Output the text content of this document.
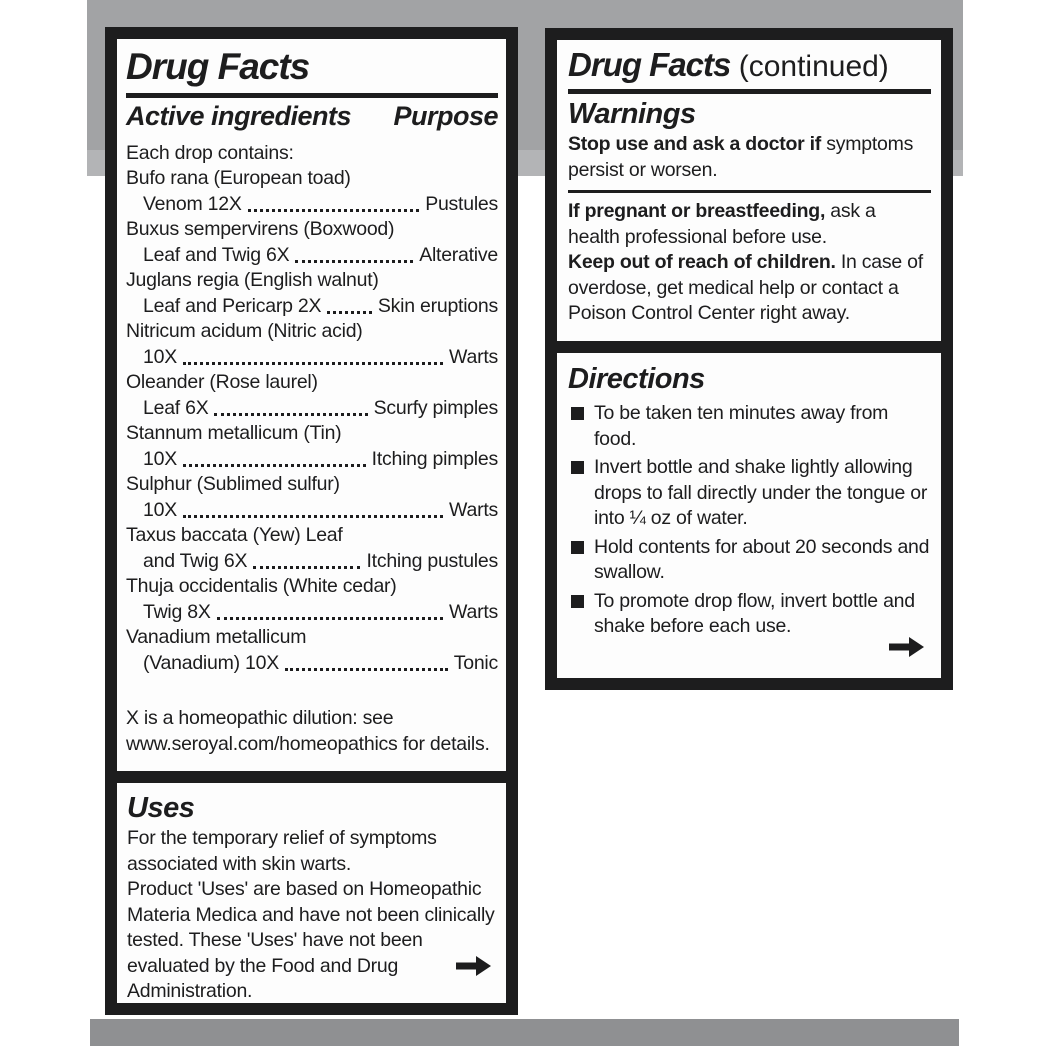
Drug Facts
Active ingredients Purpose
Each drop contains:
Bufo rana (European toad)
Venom 12X	Pustules
Buxus sempervirens (Boxwood)
Leaf and Twig 6X	Alterative
Juglans regia (English walnut)
Leaf and Pericarp 2X	Skin eruptions
Nitricum acidum (Nitric acid)
10X	Warts
Oleander (Rose laurel)
Leaf 6X	Scurfy pimples
Stannum metallicum (Tin)
10X	Itching pimples
Sulphur (Sublimed sulfur)
10X	Warts
Taxus baccata (Yew) Leaf
and Twig 6X	Itching pustules
Thuja occidentalis (White cedar)
Twig 8X	Warts
Vanadium metallicum
(Vanadium) 10X	Tonic
X is a homeopathic dilution: see www.seroyal.com/homeopathics for details.
Uses

For the temporary relief of symptoms associated with skin warts.

Product 'Uses' are based on Homeopathic Materia Medica and have not been clinically tested. These 'Uses' have not been evaluated by the Food and Drug Administration.

Drug Facts (continued)
Warnings

Stop use and ask a doctor if symptoms persist or worsen.

If pregnant or breastfeeding, ask a health professional before use.

Keep out of reach of children. In case of overdose, get medical help or contact a Poison Control Center right away.

Directions
To be taken ten minutes away from food.
Invert bottle and shake lightly allowing drops to fall directly under the tongue or into ¼ oz of water.
Hold contents for about 20 seconds and swallow.
To promote drop flow, invert bottle and shake before each use.
